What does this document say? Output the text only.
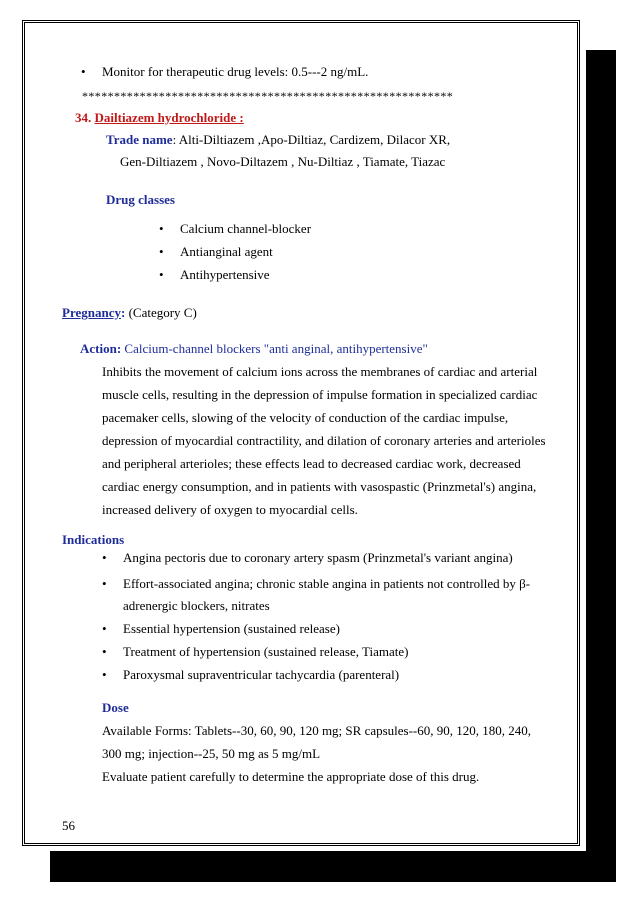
• Monitor for therapeutic drug levels: 0.5---2 ng/mL.
**********************************************************
34. Dailtiazem hydrochloride :
Trade name: Alti-Diltiazem ,Apo-Diltiaz, Cardizem, Dilacor XR,
Gen-Diltiazem , Novo-Diltazem , Nu-Diltiaz , Tiamate, Tiazac
Drug classes
• Calcium channel-blocker
• Antianginal agent
• Antihypertensive
Pregnancy: (Category C)
Action: Calcium-channel blockers "anti anginal, antihypertensive"
Inhibits the movement of calcium ions across the membranes of cardiac and arterial
muscle cells, resulting in the depression of impulse formation in specialized cardiac
pacemaker cells, slowing of the velocity of conduction of the cardiac impulse,
depression of myocardial contractility, and dilation of coronary arteries and arterioles
and peripheral arterioles; these effects lead to decreased cardiac work, decreased
cardiac energy consumption, and in patients with vasospastic (Prinzmetal's) angina,
increased delivery of oxygen to myocardial cells.
Indications
• Angina pectoris due to coronary artery spasm (Prinzmetal's variant angina)
• Effort-associated angina; chronic stable angina in patients not controlled by β-
adrenergic blockers, nitrates
• Essential hypertension (sustained release)
• Treatment of hypertension (sustained release, Tiamate)
• Paroxysmal supraventricular tachycardia (parenteral)
Dose
Available Forms: Tablets--30, 60, 90, 120 mg; SR capsules--60, 90, 120, 180, 240,
300 mg; injection--25, 50 mg as 5 mg/mL
Evaluate patient carefully to determine the appropriate dose of this drug.
56
